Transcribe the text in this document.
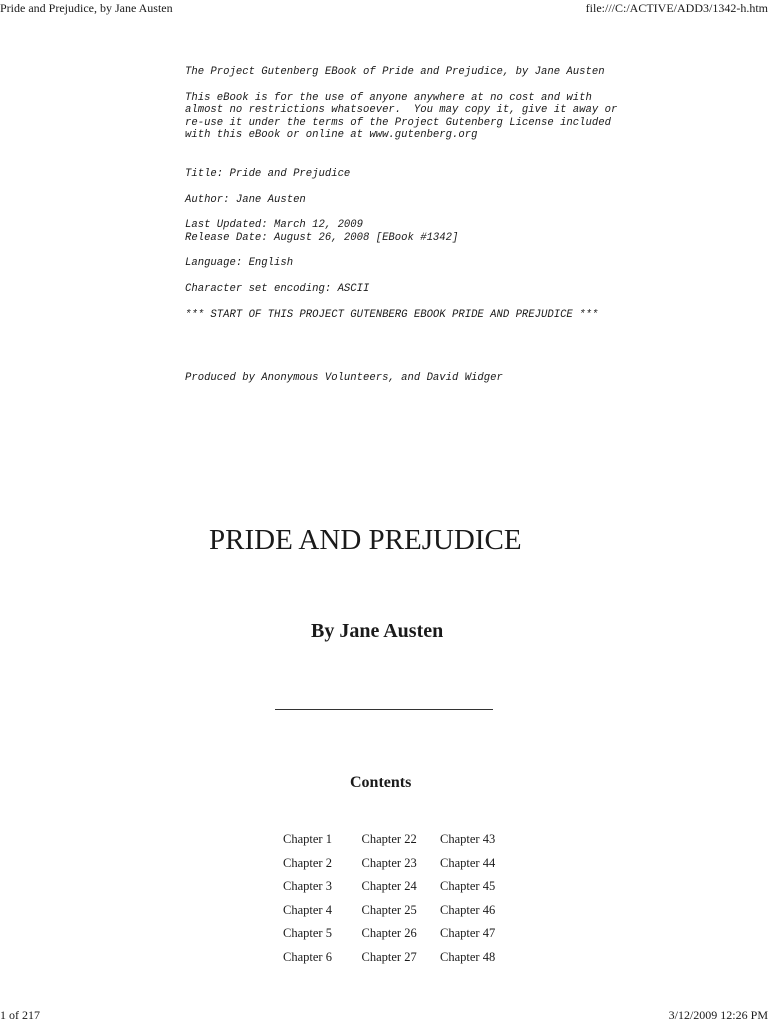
Pride and Prejudice, by Jane Austen	file:///C:/ACTIVE/ADD3/1342-h.htm

The Project Gutenberg EBook of Pride and Prejudice, by Jane Austen

This eBook is for the use of anyone anywhere at no cost and with

almost no restrictions whatsoever.  You may copy it, give it away or

re-use it under the terms of the Project Gutenberg License included

with this eBook or online at www.gutenberg.org

Title: Pride and Prejudice

Author: Jane Austen

Last Updated: March 12, 2009

Release Date: August 26, 2008 [EBook #1342]

Language: English

Character set encoding: ASCII

*** START OF THIS PROJECT GUTENBERG EBOOK PRIDE AND PREJUDICE ***

Produced by Anonymous Volunteers, and David Widger

PRIDE AND PREJUDICE
By Jane Austen
Contents
Chapter 1	Chapter 22	Chapter 43
Chapter 2	Chapter 23	Chapter 44
Chapter 3	Chapter 24	Chapter 45
Chapter 4	Chapter 25	Chapter 46
Chapter 5	Chapter 26	Chapter 47
Chapter 6	Chapter 27	Chapter 48
1 of 217	3/12/2009 12:26 PM
